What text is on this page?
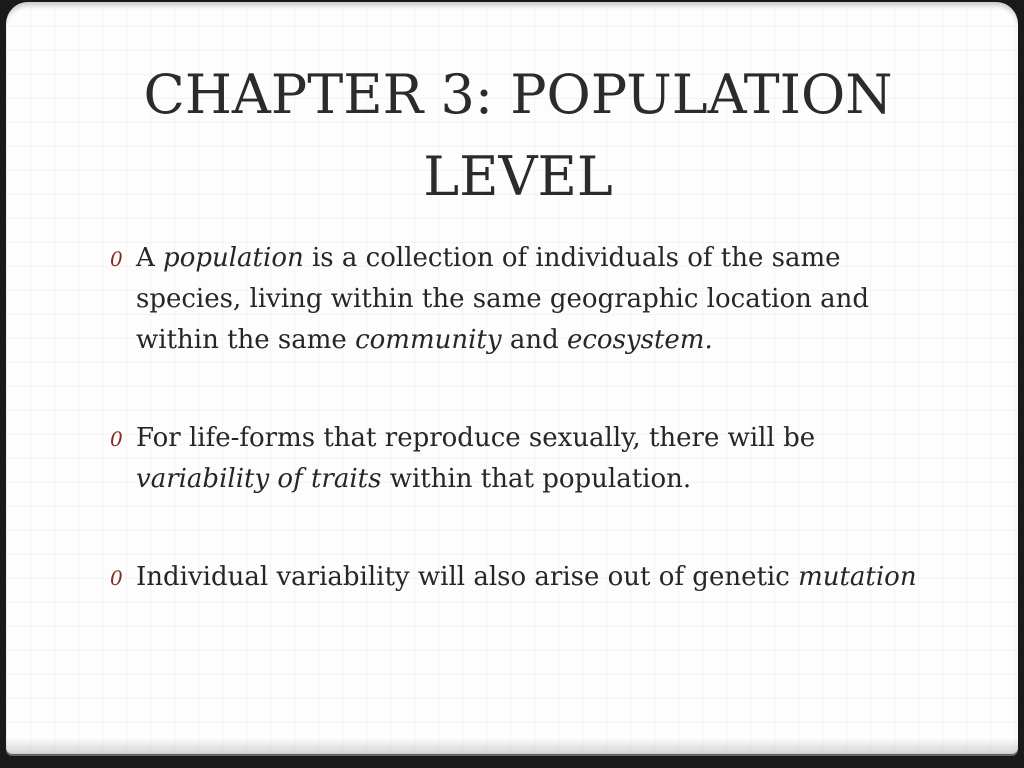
CHAPTER 3: POPULATION LEVEL
0 A population is a collection of individuals of the same species, living within the same geographic location and within the same community and ecosystem.
0 For life-forms that reproduce sexually, there will be variability of traits within that population.
0 Individual variability will also arise out of genetic mutation
